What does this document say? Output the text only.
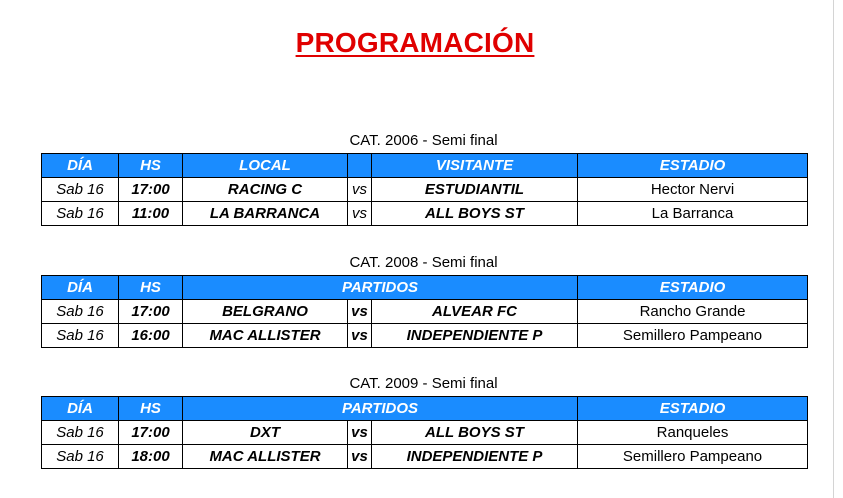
PROGRAMACIÓN
CAT. 2006 - Semi final
DÍA	HS	LOCAL		VISITANTE	ESTADIO
Sab 16	17:00	RACING C	vs	ESTUDIANTIL	Hector Nervi
Sab 16	11:00	LA BARRANCA	vs	ALL BOYS ST	La Barranca
CAT. 2008 - Semi final
DÍA	HS	PARTIDOS			ESTADIO
Sab 16	17:00	BELGRANO	vs	ALVEAR FC	Rancho Grande
Sab 16	16:00	MAC ALLISTER	vs	INDEPENDIENTE P	Semillero Pampeano
CAT. 2009 - Semi final
DÍA	HS	PARTIDOS			ESTADIO
Sab 16	17:00	DXT	vs	ALL BOYS ST	Ranqueles
Sab 16	18:00	MAC ALLISTER	vs	INDEPENDIENTE P	Semillero Pampeano
